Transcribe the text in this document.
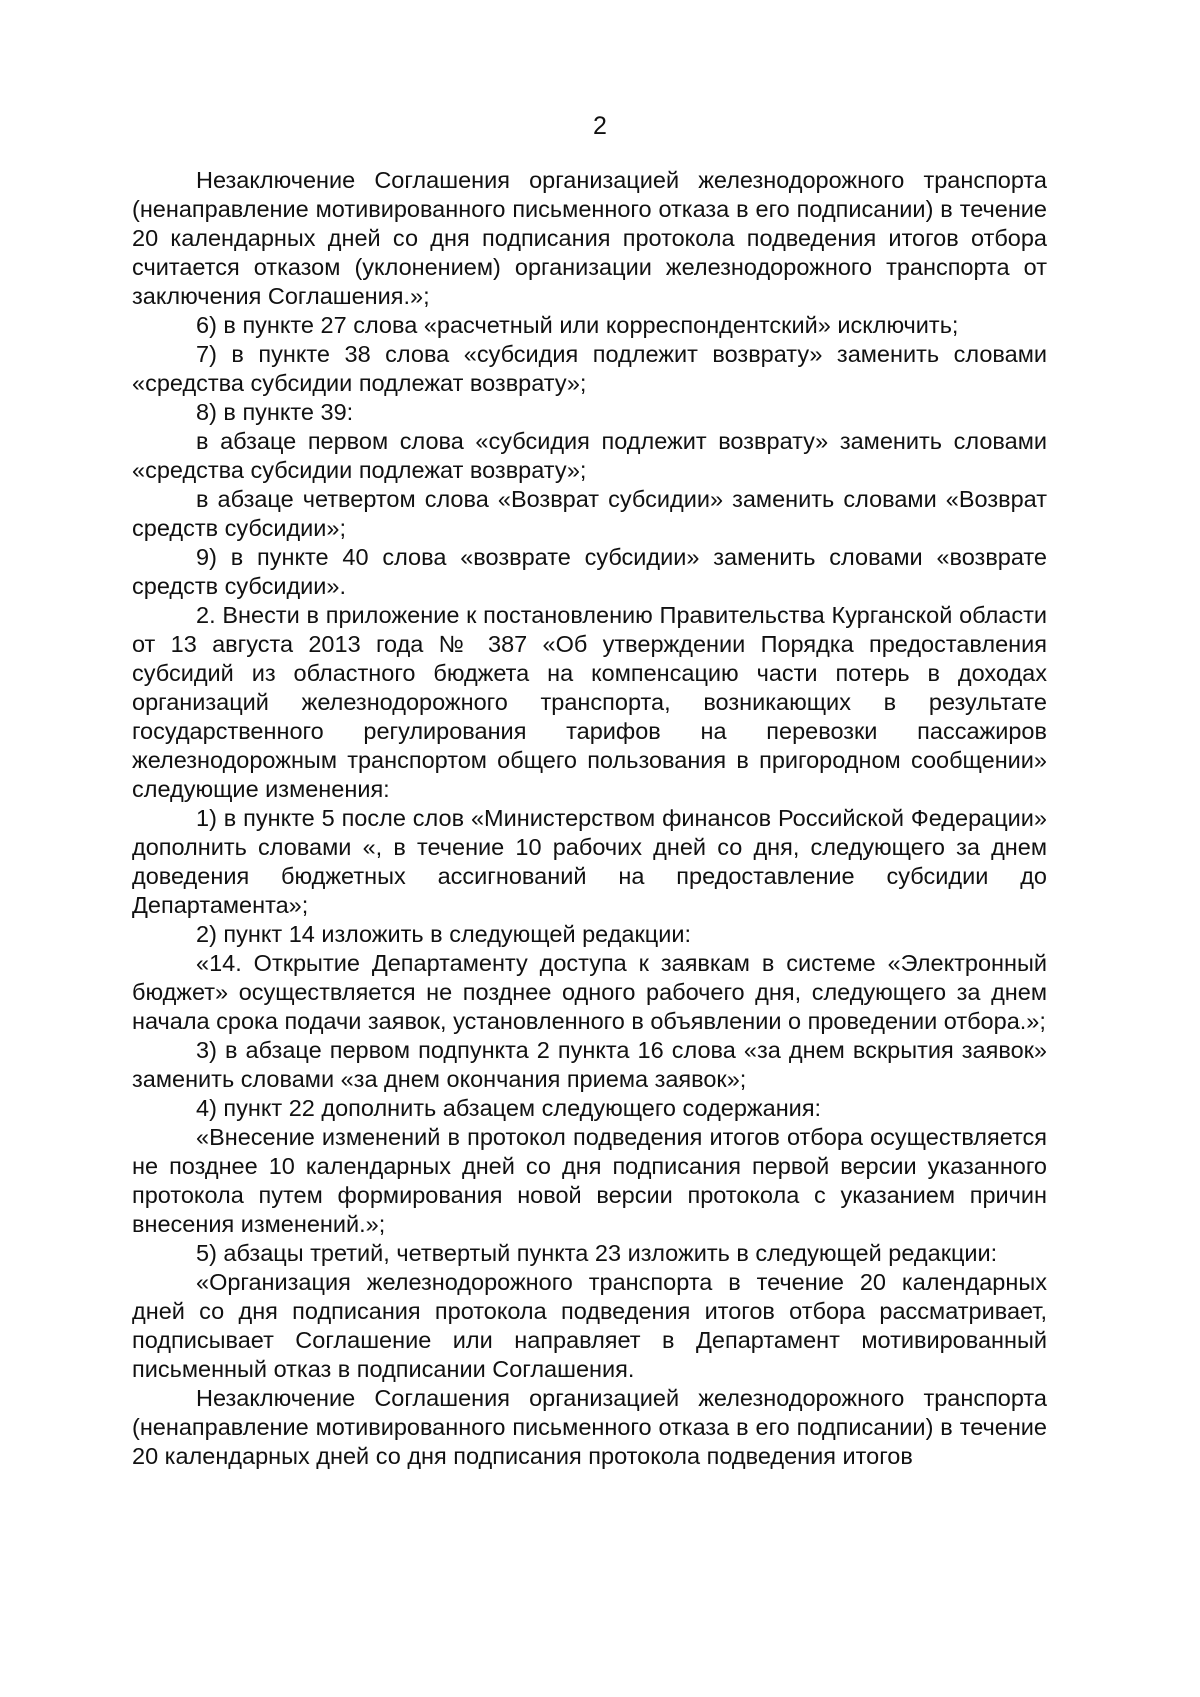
2

Незаключение Соглашения организацией железнодорожного транспорта (ненаправление мотивированного письменного отказа в его подписании) в течение 20 календарных дней со дня подписания протокола подведения итогов отбора считается отказом (уклонением) организации железнодорожного транспорта от заключения Соглашения.»;

6) в пункте 27 слова «расчетный или корреспондентский» исключить;

7) в пункте 38 слова «субсидия подлежит возврату» заменить словами «средства субсидии подлежат возврату»;

8) в пункте 39:

в абзаце первом слова «субсидия подлежит возврату» заменить словами «средства субсидии подлежат возврату»;

в абзаце четвертом слова «Возврат субсидии» заменить словами «Возврат средств субсидии»;

9) в пункте 40 слова «возврате субсидии» заменить словами «возврате средств субсидии».

2. Внести в приложение к постановлению Правительства Курганской области от 13 августа 2013 года № 387 «Об утверждении Порядка предоставления субсидий из областного бюджета на компенсацию части потерь в доходах организаций железнодорожного транспорта, возникающих в результате государственного регулирования тарифов на перевозки пассажиров железнодорожным транспортом общего пользования в пригородном сообщении» следующие изменения:

1) в пункте 5 после слов «Министерством финансов Российской Федерации» дополнить словами «, в течение 10 рабочих дней со дня, следующего за днем доведения бюджетных ассигнований на предоставление субсидии до Департамента»;

2) пункт 14 изложить в следующей редакции:

«14. Открытие Департаменту доступа к заявкам в системе «Электронный бюджет» осуществляется не позднее одного рабочего дня, следующего за днем начала срока подачи заявок, установленного в объявлении о проведении отбора.»;

3) в абзаце первом подпункта 2 пункта 16 слова «за днем вскрытия заявок» заменить словами «за днем окончания приема заявок»;

4) пункт 22 дополнить абзацем следующего содержания:

«Внесение изменений в протокол подведения итогов отбора осуществляется не позднее 10 календарных дней со дня подписания первой версии указанного протокола путем формирования новой версии протокола с указанием причин внесения изменений.»;

5) абзацы третий, четвертый пункта 23 изложить в следующей редакции:

«Организация железнодорожного транспорта в течение 20 календарных дней со дня подписания протокола подведения итогов отбора рассматривает, подписывает Соглашение или направляет в Департамент мотивированный письменный отказ в подписании Соглашения.

Незаключение Соглашения организацией железнодорожного транспорта (ненаправление мотивированного письменного отказа в его подписании) в течение 20 календарных дней со дня подписания протокола подведения итогов
